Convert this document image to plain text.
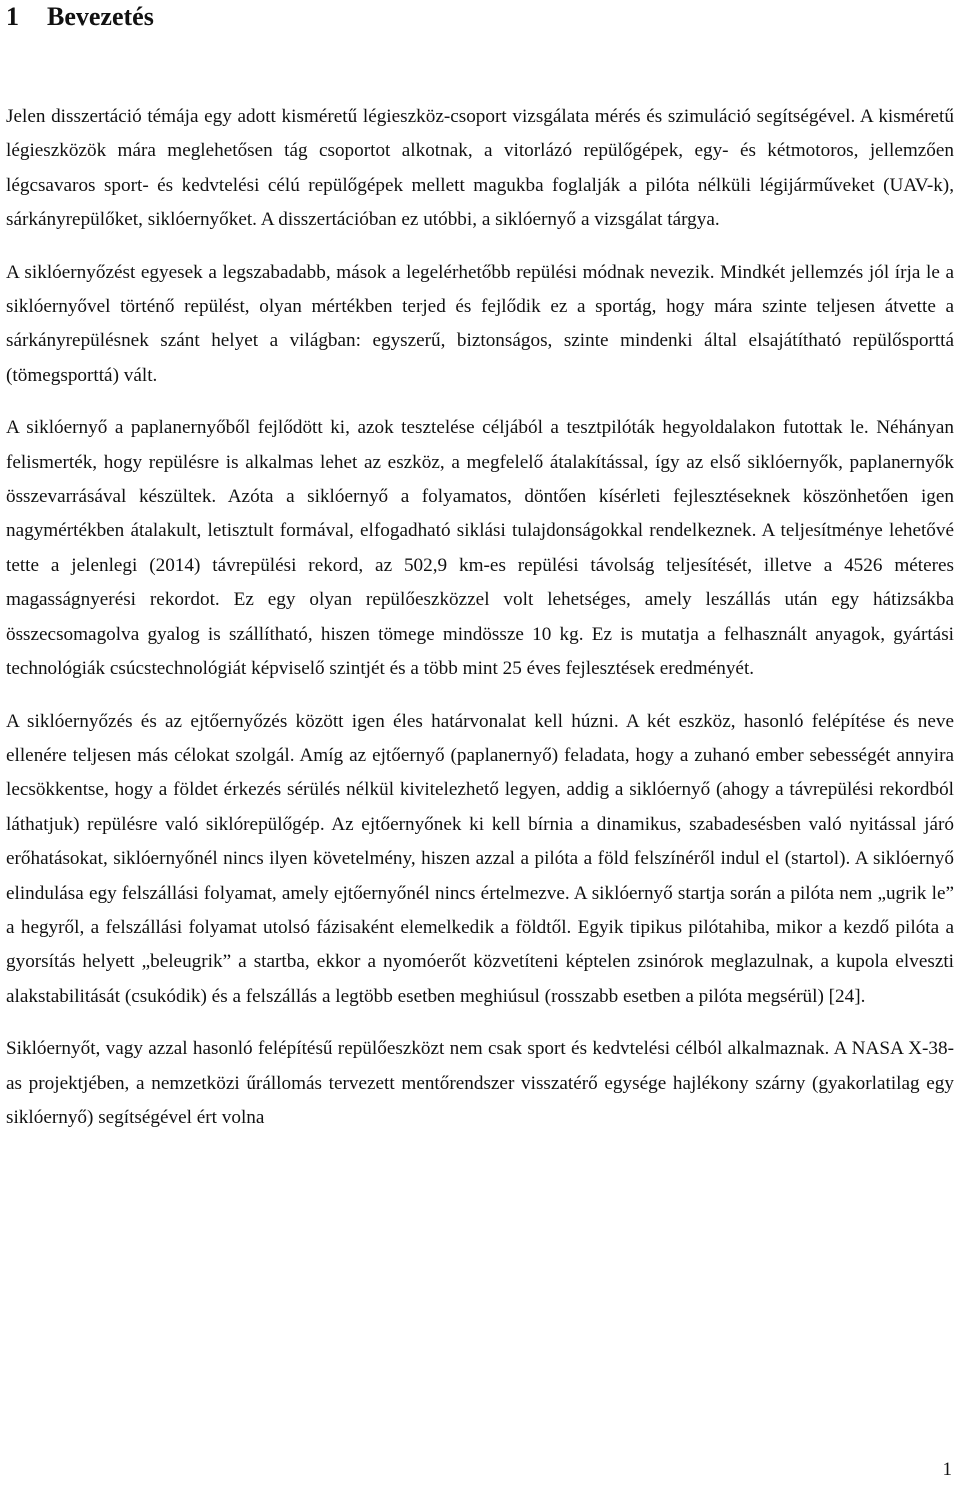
1 Bevezetés

Jelen disszertáció témája egy adott kisméretű légieszköz-csoport vizsgálata mérés és szimuláció segítségével. A kisméretű légieszközök mára meglehetősen tág csoportot alkotnak, a vitorlázó repülőgépek, egy- és kétmotoros, jellemzően légcsavaros sport- és kedvtelési célú repülőgépek mellett magukba foglalják a pilóta nélküli légijárműveket (UAV-k), sárkányrepülőket, siklóernyőket. A disszertációban ez utóbbi, a siklóernyő a vizsgálat tárgya.

A siklóernyőzést egyesek a legszabadabb, mások a legelérhetőbb repülési módnak nevezik. Mindkét jellemzés jól írja le a siklóernyővel történő repülést, olyan mértékben terjed és fejlődik ez a sportág, hogy mára szinte teljesen átvette a sárkányrepülésnek szánt helyet a világban: egyszerű, biztonságos, szinte mindenki által elsajátítható repülősporttá (tömegsporttá) vált.

A siklóernyő a paplanernyőből fejlődött ki, azok tesztelése céljából a tesztpilóták hegyoldalakon futottak le. Néhányan felismerték, hogy repülésre is alkalmas lehet az eszköz, a megfelelő átalakítással, így az első siklóernyők, paplanernyők összevarrásával készültek. Azóta a siklóernyő a folyamatos, döntően kísérleti fejlesztéseknek köszönhetően igen nagymértékben átalakult, letisztult formával, elfogadható siklási tulajdonságokkal rendelkeznek. A teljesítménye lehetővé tette a jelenlegi (2014) távrepülési rekord, az 502,9 km-es repülési távolság teljesítését, illetve a 4526 méteres magasságnyerési rekordot. Ez egy olyan repülőeszközzel volt lehetséges, amely leszállás után egy hátizsákba összecsomagolva gyalog is szállítható, hiszen tömege mindössze 10 kg. Ez is mutatja a felhasznált anyagok, gyártási technológiák csúcstechnológiát képviselő szintjét és a több mint 25 éves fejlesztések eredményét.

A siklóernyőzés és az ejtőernyőzés között igen éles határvonalat kell húzni. A két eszköz, hasonló felépítése és neve ellenére teljesen más célokat szolgál. Amíg az ejtőernyő (paplanernyő) feladata, hogy a zuhanó ember sebességét annyira lecsökkentse, hogy a földet érkezés sérülés nélkül kivitelezhető legyen, addig a siklóernyő (ahogy a távrepülési rekordból láthatjuk) repülésre való siklórepülőgép. Az ejtőernyőnek ki kell bírnia a dinamikus, szabadesésben való nyitással járó erőhatásokat, siklóernyőnél nincs ilyen követelmény, hiszen azzal a pilóta a föld felszínéről indul el (startol). A siklóernyő elindulása egy felszállási folyamat, amely ejtőernyőnél nincs értelmezve. A siklóernyő startja során a pilóta nem „ugrik le” a hegyről, a felszállási folyamat utolsó fázisaként elemelkedik a földtől. Egyik tipikus pilótahiba, mikor a kezdő pilóta a gyorsítás helyett „beleugrik” a startba, ekkor a nyomóerőt közvetíteni képtelen zsinórok meglazulnak, a kupola elveszti alakstabilitását (csukódik) és a felszállás a legtöbb esetben meghiúsul (rosszabb esetben a pilóta megsérül) [24].

Siklóernyőt, vagy azzal hasonló felépítésű repülőeszközt nem csak sport és kedvtelési célból alkalmaznak. A NASA X-38-as projektjében, a nemzetközi űrállomás tervezett mentőrendszer visszatérő egysége hajlékony szárny (gyakorlatilag egy siklóernyő) segítségével ért volna

1
